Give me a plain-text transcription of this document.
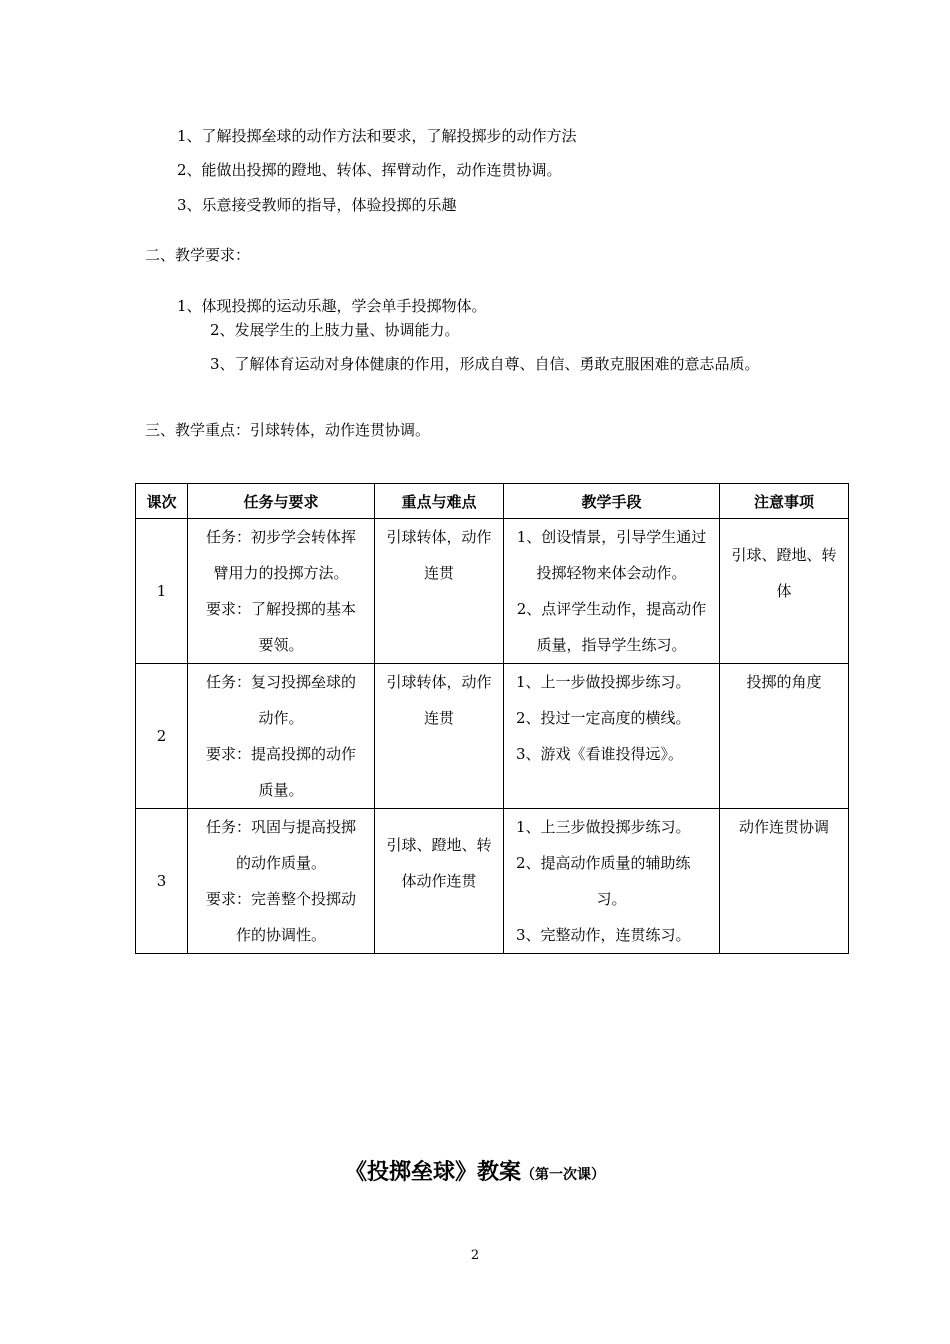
1、了解投掷垒球的动作方法和要求，了解投掷步的动作方法
2、能做出投掷的蹬地、转体、挥臂动作，动作连贯协调。
3、乐意接受教师的指导，体验投掷的乐趣
二、教学要求：
1、体现投掷的运动乐趣，学会单手投掷物体。
2、发展学生的上肢力量、协调能力。
3、了解体育运动对身体健康的作用，形成自尊、自信、勇敢克服困难的意志品质。
三、教学重点：引球转体，动作连贯协调。
课次	任务与要求	重点与难点	教学手段	注意事项
1	任务：初步学会转体挥
臂用力的投掷方法。
要求：了解投掷的基本
要领。	引球转体，动作
连贯	1、创设情景，引导学生通过
投掷轻物来体会动作。
2、点评学生动作，提高动作
质量，指导学生练习。	引球、蹬地、转
体

2	任务：复习投掷垒球的
动作。
要求：提高投掷的动作
质量。	引球转体，动作
连贯	1、上一步做投掷步练习。
2、投过一定高度的横线。
3、游戏《看谁投得远》。	投掷的角度

3	任务：巩固与提高投掷
的动作质量。
要求：完善整个投掷动
作的协调性。	引球、蹬地、转
体动作连贯	1、上三步做投掷步练习。
2、提高动作质量的辅助练
习。
3、完整动作，连贯练习。	动作连贯协调
《投掷垒球》教案（第一次课）
2
